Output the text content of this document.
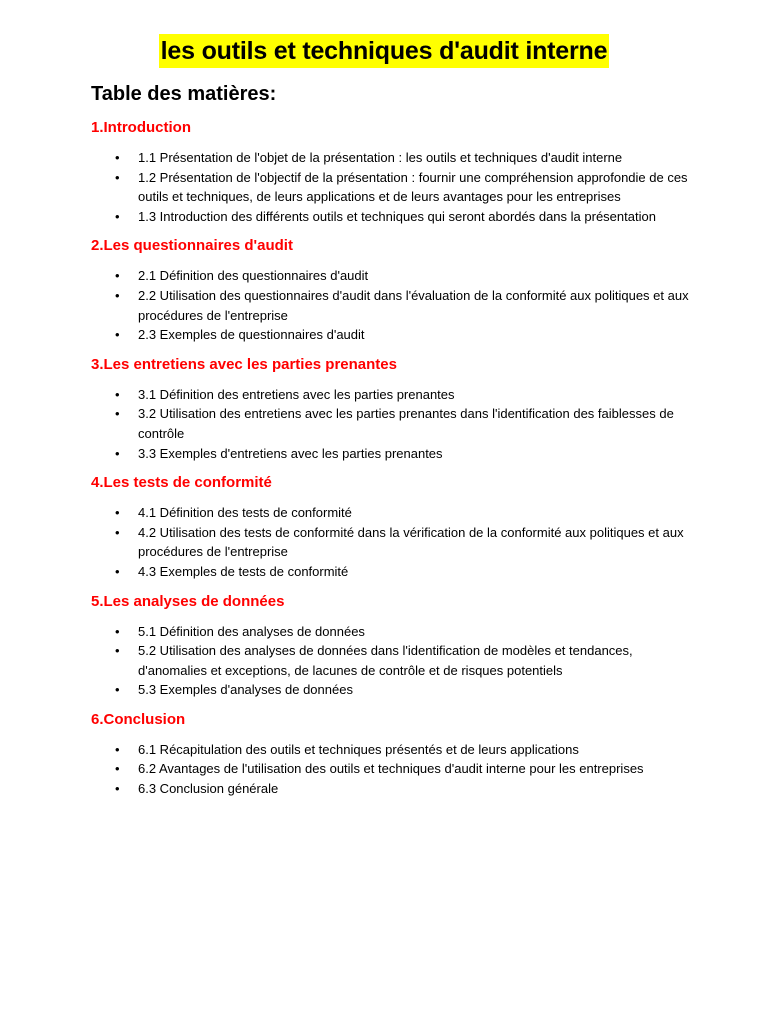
les outils et techniques d'audit interne
Table des matières:
1.Introduction
• 1.1 Présentation de l'objet de la présentation : les outils et techniques d'audit interne
• 1.2 Présentation de l'objectif de la présentation : fournir une compréhension approfondie de ces outils et techniques, de leurs applications et de leurs avantages pour les entreprises
• 1.3 Introduction des différents outils et techniques qui seront abordés dans la présentation
2.Les questionnaires d'audit
• 2.1 Définition des questionnaires d'audit
• 2.2 Utilisation des questionnaires d'audit dans l'évaluation de la conformité aux politiques et aux procédures de l'entreprise
• 2.3 Exemples de questionnaires d'audit
3.Les entretiens avec les parties prenantes
• 3.1 Définition des entretiens avec les parties prenantes
• 3.2 Utilisation des entretiens avec les parties prenantes dans l'identification des faiblesses de contrôle
• 3.3 Exemples d'entretiens avec les parties prenantes
4.Les tests de conformité
• 4.1 Définition des tests de conformité
• 4.2 Utilisation des tests de conformité dans la vérification de la conformité aux politiques et aux procédures de l'entreprise
• 4.3 Exemples de tests de conformité
5.Les analyses de données
• 5.1 Définition des analyses de données
• 5.2 Utilisation des analyses de données dans l'identification de modèles et tendances, d'anomalies et exceptions, de lacunes de contrôle et de risques potentiels
• 5.3 Exemples d'analyses de données
6.Conclusion
• 6.1 Récapitulation des outils et techniques présentés et de leurs applications
• 6.2 Avantages de l'utilisation des outils et techniques d'audit interne pour les entreprises
• 6.3 Conclusion générale
